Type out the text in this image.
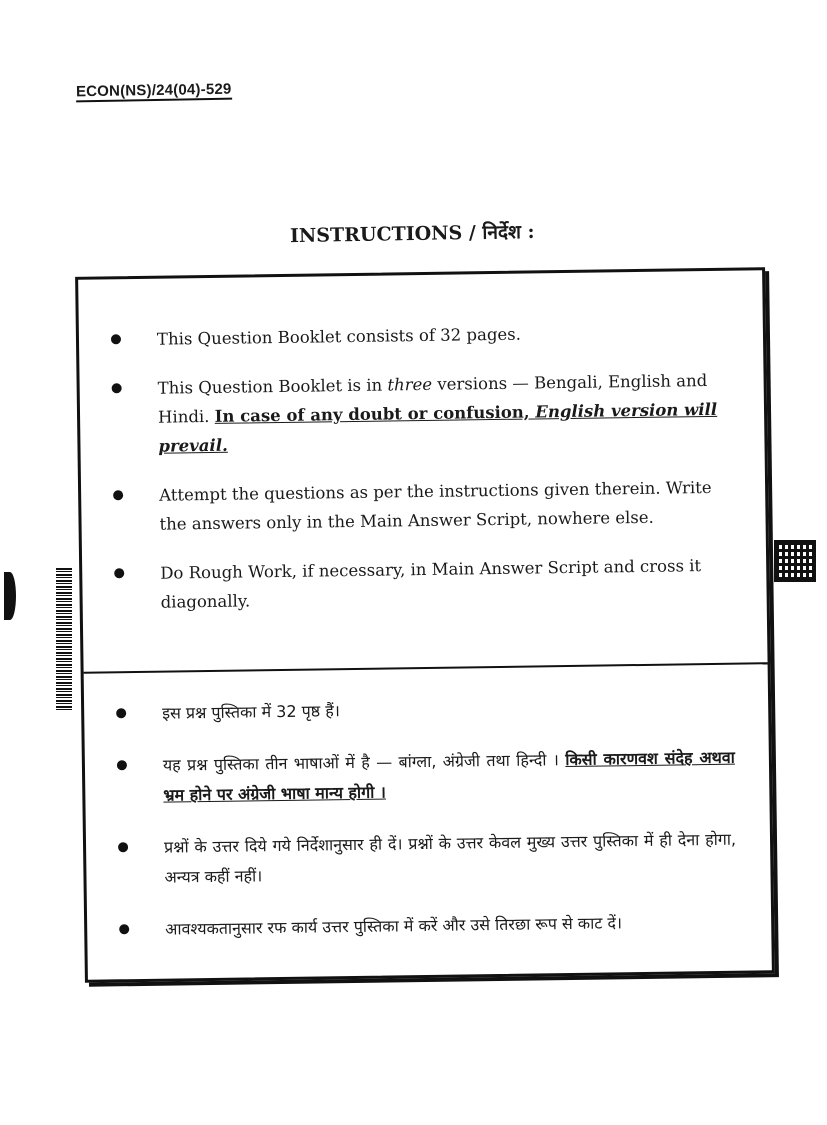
ECON(NS)/24(04)-529
INSTRUCTIONS / निर्देश :
This Question Booklet consists of 32 pages.
This Question Booklet is in three versions — Bengali, English and Hindi. In case of any doubt or confusion, English version will prevail.
Attempt the questions as per the instructions given therein. Write the answers only in the Main Answer Script, nowhere else.
Do Rough Work, if necessary, in Main Answer Script and cross it diagonally.
इस प्रश्न पुस्तिका में 32 पृष्ठ हैं।
यह प्रश्न पुस्तिका तीन भाषाओं में है — बांग्ला, अंग्रेजी तथा हिन्दी । किसी कारणवश संदेह अथवा भ्रम होने पर अंग्रेजी भाषा मान्य होगी ।
प्रश्नों के उत्तर दिये गये निर्देशानुसार ही दें। प्रश्नों के उत्तर केवल मुख्य उत्तर पुस्तिका में ही देना होगा, अन्यत्र कहीं नहीं।
आवश्यकतानुसार रफ कार्य उत्तर पुस्तिका में करें और उसे तिरछा रूप से काट दें।
